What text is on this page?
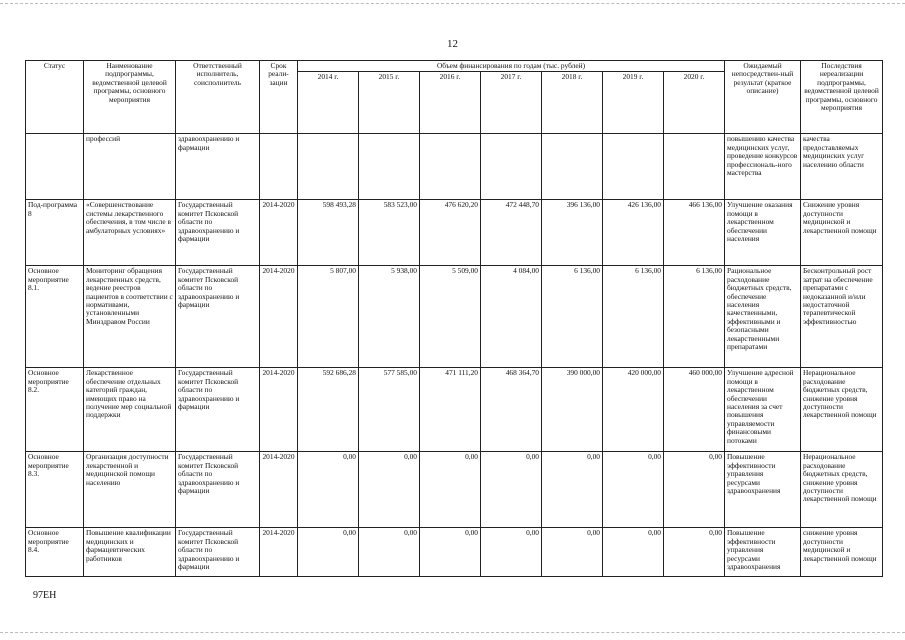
12
Статус	Наименование подпрограммы, ведомственной целевой программы, основного мероприятия	Ответственный исполнитель, соисполнитель	Срок реали-зации	Объем финансирования по годам (тыс. рублей)							Ожидаемый непосредствен-ный результат (краткое описание)	Последствия нереализации подпрограммы, ведомственной целевой программы, основного мероприятия
				2014 г.	2015 г.	2016 г.	2017 г.	2018 г.	2019 г.	2020 г.		
	профессий	здравоохранению и фармации									повышению качества медицинских услуг, проведение конкурсов профессиональ-ного мастерства	качества предоставляемых медицинских услуг населению области
Под-программа 8	«Совершенствование системы лекарственного обеспечения, в том числе в амбулаторных условиях»	Государственный комитет Псковской области по здравоохранению и фармации	2014-2020	598 493,28	583 523,00	476 620,20	472 448,70	396 136,00	426 136,00	466 136,00	Улучшение оказания помощи в лекарственном обеспечении населения	Снижение уровня доступности медицинской и лекарственной помощи
Основное мероприятие 8.1.	Мониторинг обращения лекарственных средств, ведение реестров пациентов в соответствии с нормативами, установленными Минздравом России	Государственный комитет Псковской области по здравоохранению и фармации	2014-2020	5 807,00	5 938,00	5 509,00	4 084,00	6 136,00	6 136,00	6 136,00	Рациональное расходование бюджетных средств, обеспечение населения качественными, эффективными и безопасными лекарственными препаратами	Бесконтрольный рост затрат на обеспечение препаратами с недоказанной и/или недостаточной терапевтической эффективностью
Основное мероприятие 8.2.	Лекарственное обеспечение отдельных категорий граждан, имеющих право на получение мер социальной поддержки	Государственный комитет Псковской области по здравоохранению и фармации	2014-2020	592 686,28	577 585,00	471 111,20	468 364,70	390 000,00	420 000,00	460 000,00	Улучшение адресной помощи в лекарственном обеспечении населения за счет повышения управляемости финансовыми потоками	Нерациональное расходование бюджетных средств, снижение уровня доступности лекарственной помощи
Основное мероприятие 8.3.	Организация доступности лекарственной и медицинской помощи населению	Государственный комитет Псковской области по здравоохранению и фармации	2014-2020	0,00	0,00	0,00	0,00	0,00	0,00	0,00	Повышение эффективности управления ресурсами здравоохранения	Нерациональное расходование бюджетных средств, снижение уровня доступности лекарственной помощи
Основное мероприятие 8.4.	Повышение квалификации медицинских и фармацевтических работников	Государственный комитет Псковской области по здравоохранению и фармации	2014-2020	0,00	0,00	0,00	0,00	0,00	0,00	0,00	Повышение эффективности управления ресурсами здравоохранения	снижение уровня доступности медицинской и лекарственной помощи
97ЕН
